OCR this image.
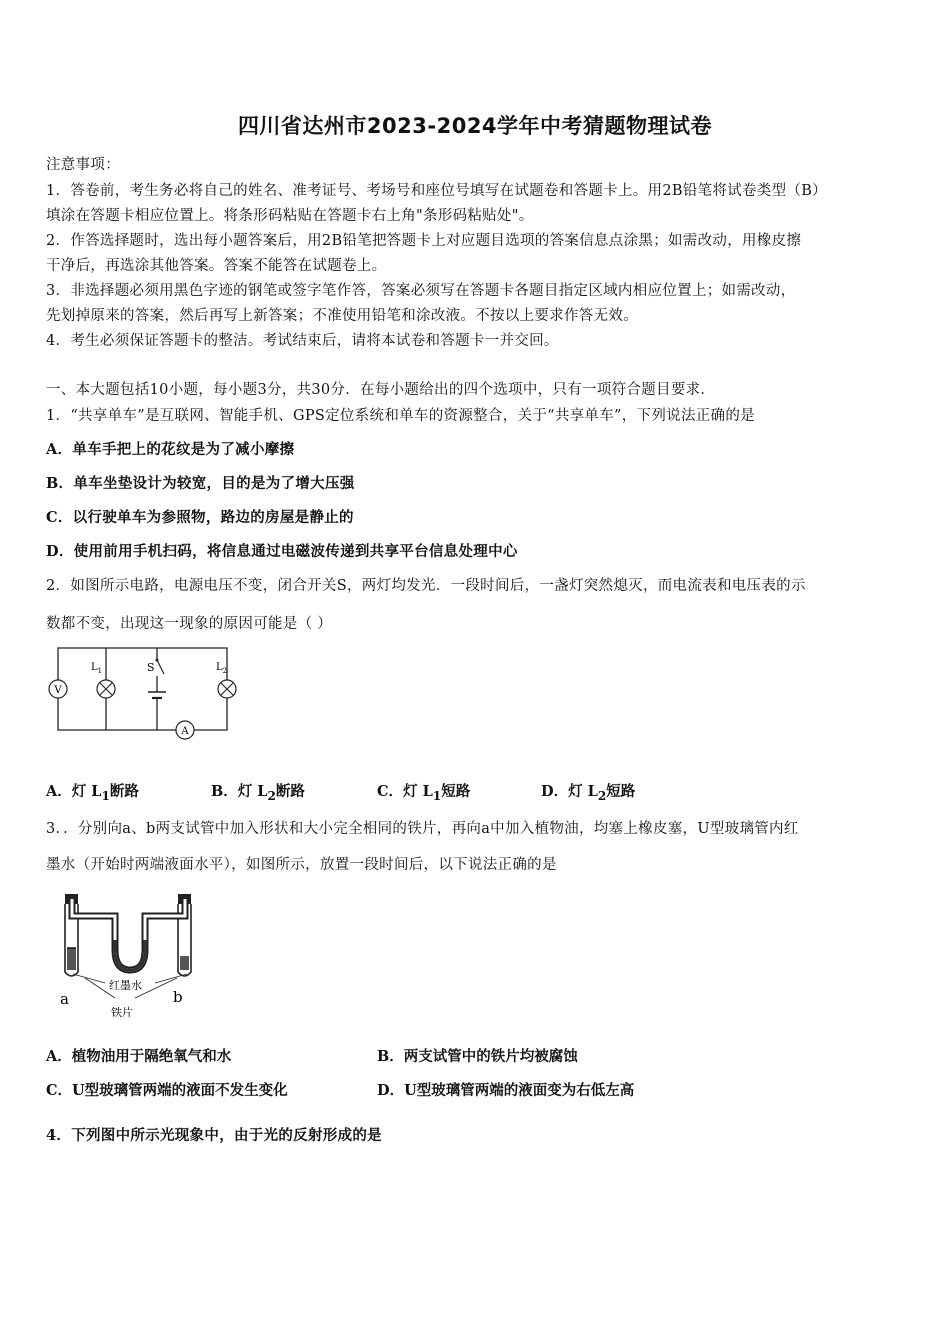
四川省达州市2023-2024学年中考猜题物理试卷
注意事项：
1．答卷前，考生务必将自己的姓名、准考证号、考场号和座位号填写在试题卷和答题卡上。用2B铅笔将试卷类型（B）
填涂在答题卡相应位置上。将条形码粘贴在答题卡右上角"条形码粘贴处"。
2．作答选择题时，选出每小题答案后，用2B铅笔把答题卡上对应题目选项的答案信息点涂黑；如需改动，用橡皮擦
干净后，再选涂其他答案。答案不能答在试题卷上。
3．非选择题必须用黑色字迹的钢笔或签字笔作答，答案必须写在答题卡各题目指定区域内相应位置上；如需改动，
先划掉原来的答案，然后再写上新答案；不准使用铅笔和涂改液。不按以上要求作答无效。
4．考生必须保证答题卡的整洁。考试结束后，请将本试卷和答题卡一并交回。
一、本大题包括10小题，每小题3分，共30分．在每小题给出的四个选项中，只有一项符合题目要求．
1．“共享单车”是互联网、智能手机、GPS定位系统和单车的资源整合，关于“共享单车”，下列说法正确的是
A．单车手把上的花纹是为了减小摩擦
B．单车坐垫设计为较宽，目的是为了增大压强
C．以行驶单车为参照物，路边的房屋是静止的
D．使用前用手机扫码，将信息通过电磁波传递到共享平台信息处理中心
2．如图所示电路，电源电压不变，闭合开关S，两灯均发光．一段时间后，一盏灯突然熄灭，而电流表和电压表的示
数都不变，出现这一现象的原因可能是（ ）
V
$L_1$	S	$L_2$
A
A．灯 $L_1$断路	B．灯 $L_2$断路	C．灯 $L_1$短路	D．灯 $L_2$短路
3．．分别向a、b两支试管中加入形状和大小完全相同的铁片，再向a中加入植物油，均塞上橡皮塞，U型玻璃管内红
墨水（开始时两端液面水平），如图所示，放置一段时间后，以下说法正确的是
a	b
红墨水
铁片
A．植物油用于隔绝氧气和水	B．两支试管中的铁片均被腐蚀
C．U型玻璃管两端的液面不发生变化	D．U型玻璃管两端的液面变为右低左高
4．下列图中所示光现象中，由于光的反射形成的是
